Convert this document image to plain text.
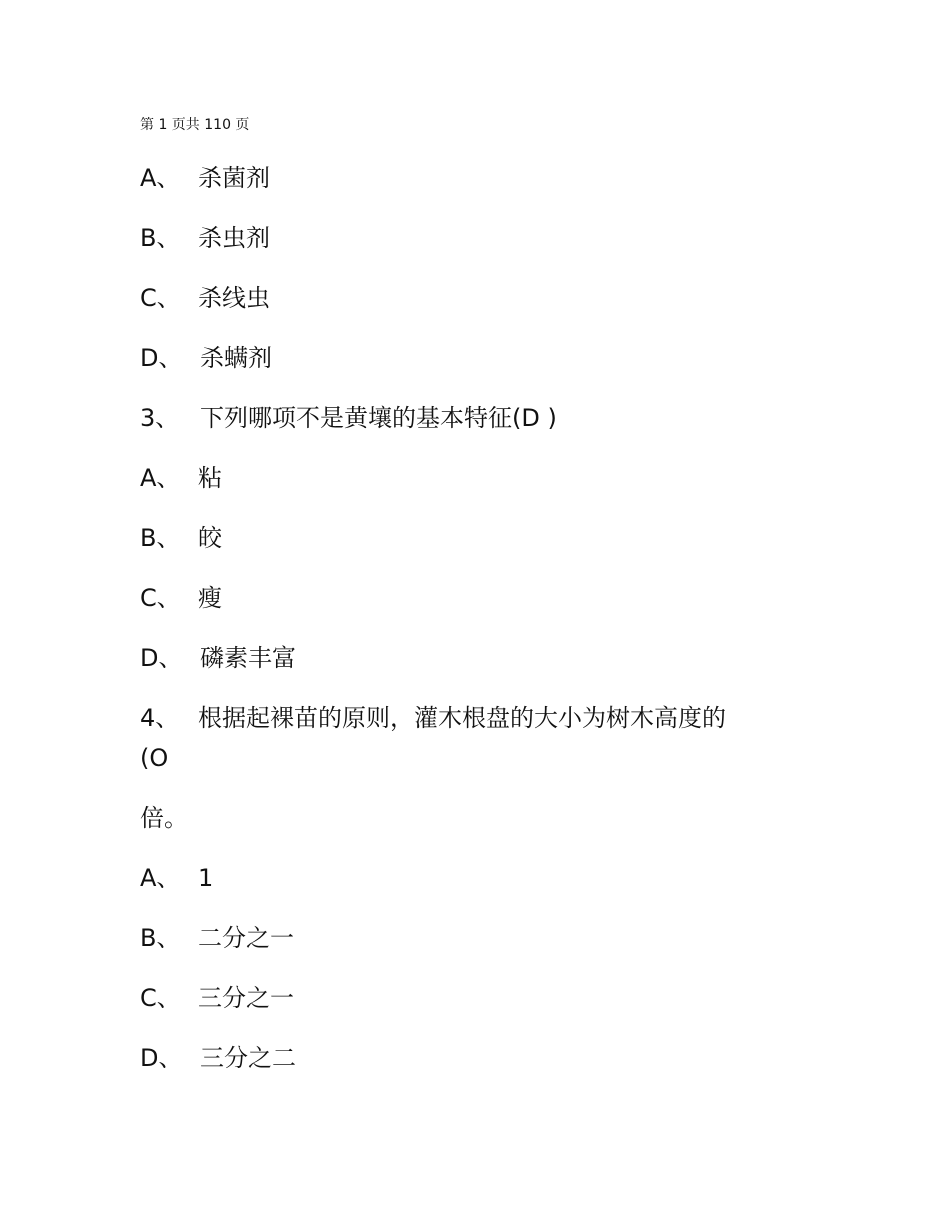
第 1 页共 110 页
A、 杀菌剂
B、 杀虫剂
C、 杀线虫
D、 杀螨剂
3、 下列哪项不是黄壤的基本特征(D )
A、 粘
B、 皎
C、 瘦
D、 磷素丰富
4、 根据起裸苗的原则，灌木根盘的大小为树木高度的
(O
倍。
A、 1
B、 二分之一
C、 三分之一
D、 三分之二
